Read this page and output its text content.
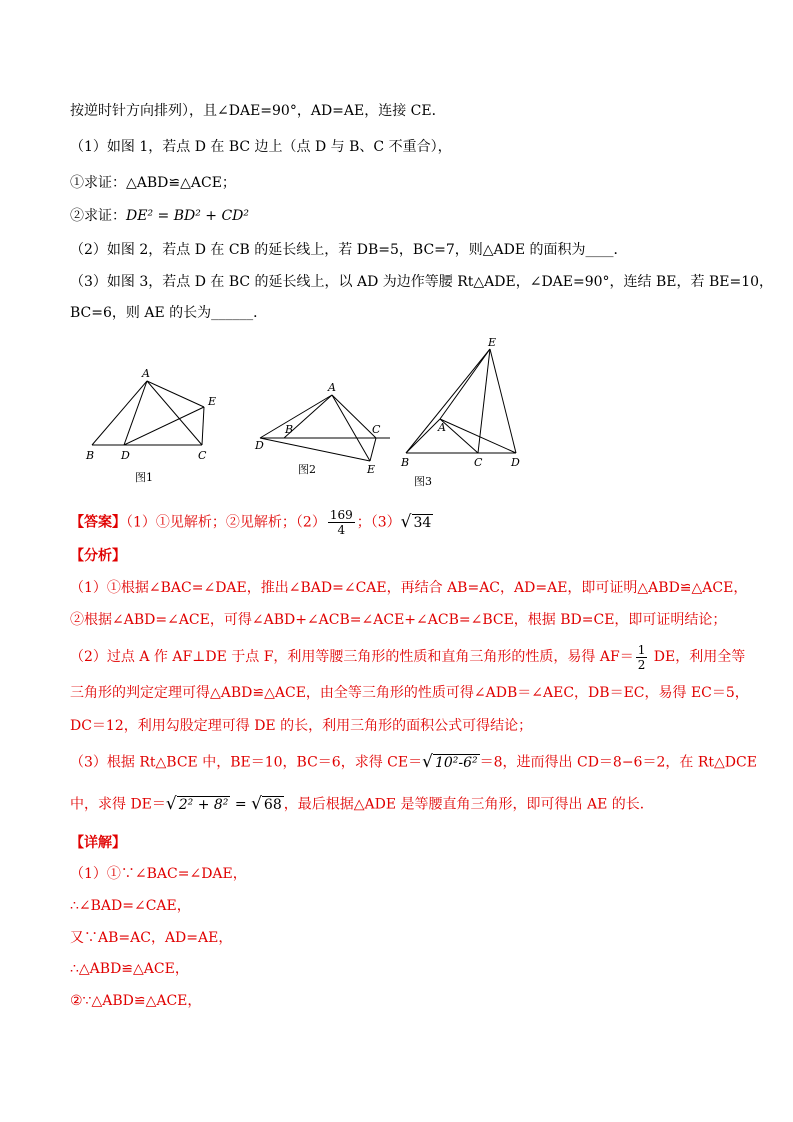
按逆时针方向排列），且∠DAE=90°，AD=AE，连接 CE．
（1）如图 1，若点 D 在 BC 边上（点 D 与 B、C 不重合），
①求证：△ABD≌△ACE；
②求证：DE² = BD² + CD²
（2）如图 2，若点 D 在 CB 的延长线上，若 DB=5，BC=7，则△ADE 的面积为____．
（3）如图 3，若点 D 在 BC 的延长线上，以 AD 为边作等腰 Rt△ADE，∠DAE=90°，连结 BE，若 BE=10，
BC=6，则 AE 的长为______．
A
B D	C
E
图1
A
B	C
D
E
图2
E
A
B	C	D
图3
【答案】（1）①见解析；②见解析；$(2) \frac{169}{4}$ ；（3）√ 34
【分析】
（1）①根据∠BAC=∠DAE，推出∠BAD=∠CAE，再结合 AB=AC，AD=AE，即可证明△ABD≌△ACE，
②根据∠ABD=∠ACE，可得∠ABD+∠ACB=∠ACE+∠ACB=∠BCE，根据 BD=CE，即可证明结论；
（2）过点 A 作 AF⊥DE 于点 F，利用等腰三角形的性质和直角三角形的性质，易得 $AF= \frac{1}{2}$ DE，利用全等
三角形的判定定理可得△ABD≌△ACE，由全等三角形的性质可得∠ADB＝∠AEC，DB＝EC，易得 EC＝5，
DC＝12，利用勾股定理可得 DE 的长，利用三角形的面积公式可得结论；
（3）根据 Rt△BCE 中，BE＝10，BC＝6，求得 CE＝√ 10²-6² ＝8，进而得出 CD＝8−6＝2，在 Rt△DCE
中，求得 DE＝√ 2² + 8² = √ 68 ，最后根据△ADE 是等腰直角三角形，即可得出 AE 的长．
【详解】
（1）①∵∠BAC=∠DAE，
∴∠BAD=∠CAE，
又∵AB=AC，AD=AE，
∴△ABD≌△ACE，
②∵△ABD≌△ACE，
